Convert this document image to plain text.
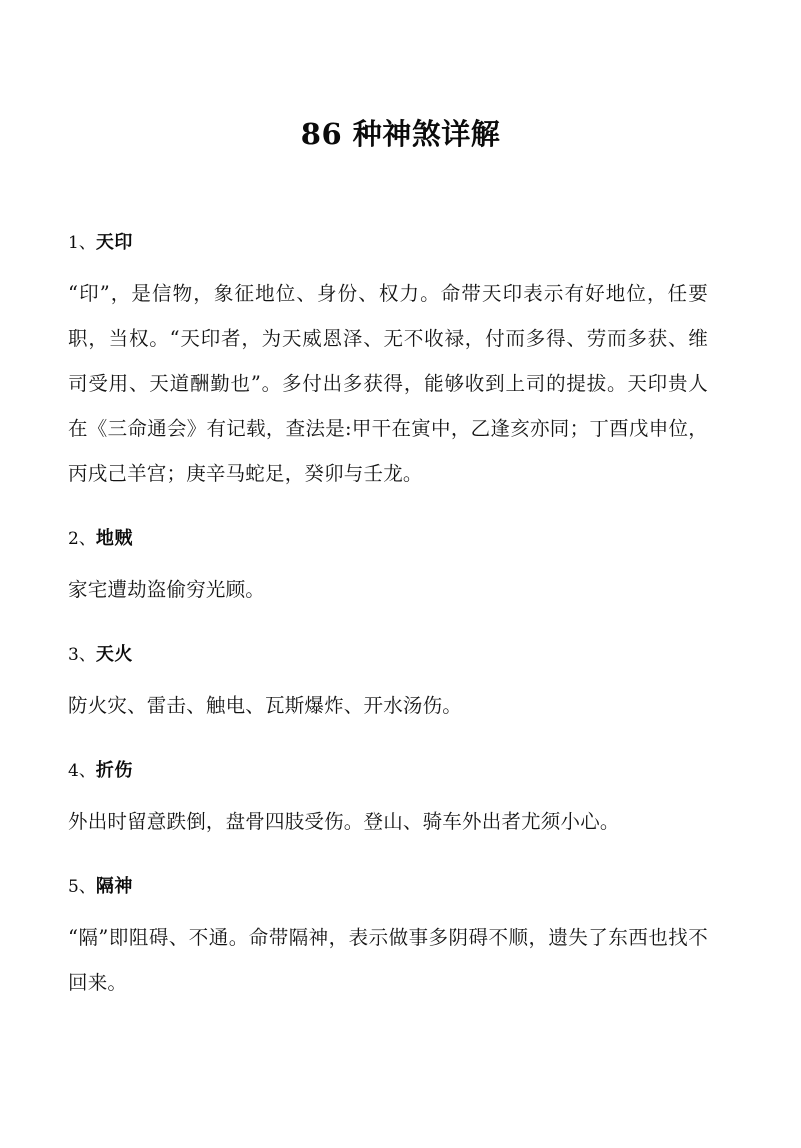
86 种神煞详解
1、天印
“印”，是信物，象征地位、身份、权力。命带天印表示有好地位，任要职，当权。“天印者，为天威恩泽、无不收禄，付而多得、劳而多获、维司受用、天道酬勤也”。多付出多获得，能够收到上司的提拔。天印贵人在《三命通会》有记载，查法是:甲干在寅中，乙逢亥亦同；丁酉戊申位，丙戌己羊宫；庚辛马蛇足，癸卯与壬龙。
2、地贼
家宅遭劫盗偷穷光顾。
3、天火
防火灾、雷击、触电、瓦斯爆炸、开水汤伤。
4、折伤
外出时留意跌倒，盘骨四肢受伤。登山、骑车外出者尤须小心。
5、隔神
“隔”即阻碍、不通。命带隔神，表示做事多阴碍不顺，遗失了东西也找不回来。
